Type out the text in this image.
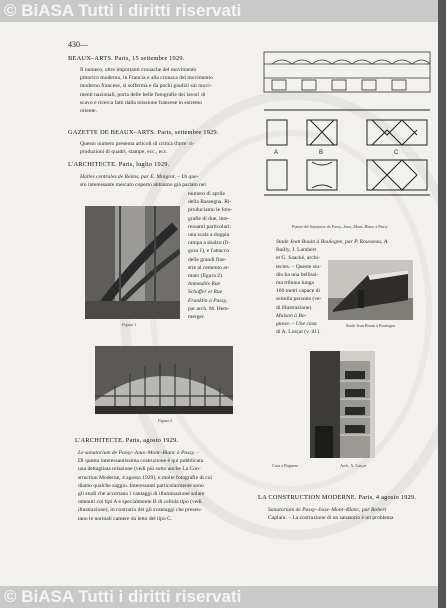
© BiASA Tutti i diritti riservati
© BiASA Tutti i diritti riservati
430—
BEAUX–ARTS. Paris, 15 settembre 1929.
Il numero, oltre importanti cronache del movimento
pittorico moderno, in Francia e alla cronaca del movimento
moderno francese, si sofferma e da pochi giudizi sui movi-
menti nazionali, porta delle belle fotografie dei lavori di
scavo e ricerca fatti dalla missione francese in estremo
oriente.
GAZETTE DE BEAUX–ARTS. Paris, settembre 1929.
Questo numero presenta articoli di critica d'arte: ri-
produzioni di quadri, stampe, ecc., ecc.
L'ARCHITECTE. Paris, luglio 1929.
Halles centrales de Reims, par E. Maigrot. – Di que-
sto interessante mercato coperto abbiamo già parlato nel
numero di aprile
della Rassegna. Ri-
produciamo le foto-
grafie di due, inte-
ressanti particolari:
una scala a doppia
rampa a sbalzo (fi-
gura 1), e l'attacco
delle grandi fine-
stre al cemento ar-
mato (figura 2).
Immeuble Rue
Schaffer et Rue
Franklin à Passy,
par arch. M. Hem-
merger.
Figura 1
Figura 2
L'ARCHITECTE. Paris, agosto 1929.
Le sanatorium de Passy–Joux–Mont–Blanc à Passy. –
Di questa interessantissima costruzione è qui pubblicata
una dettagliata relazione (vedi più sotto anche La Con-
struction Moderne, 4 agosto 1929), e molte fotografie di cui
diamo qualche saggio. Interessanti particolarmente sono
gli studi che accertano i vantaggi di illuminazione solare
ottenuti coi tipi A e specialmente B di cellula tipo (vedi
illustrazione), in contrario dei gli svantaggi che presen-
tano le normali camere da letto del tipo C.
A	B	C
Piante del Sanatorio de Passy–Joux–Mont–Blanc a Passy
Stade Jean Bouin à Boulogne, par P. Rousseau, A.
Bailly, J. Lambert
et G. Saacké, archi-
tectes. – Queste stu-
dio ha una bellissi-
ma tribuna lunga
100 metri capace di
seimila persone (ve-
di illustrazione).
Maison à Bo-
gnese. – Une casa
di A. Lurçat (v. ill.).
Stade Jean Bouin à Boulogne
Casa a Bagnese	Arch. A. Lurçat
LA CONSTRUCTION MODERNE. Paris, 4 agosto 1929.
Sanatorium de Passy–Joux–Mont–Blanc, par Robert
Caplain. – La costruzione di un sanatorio è un problema
